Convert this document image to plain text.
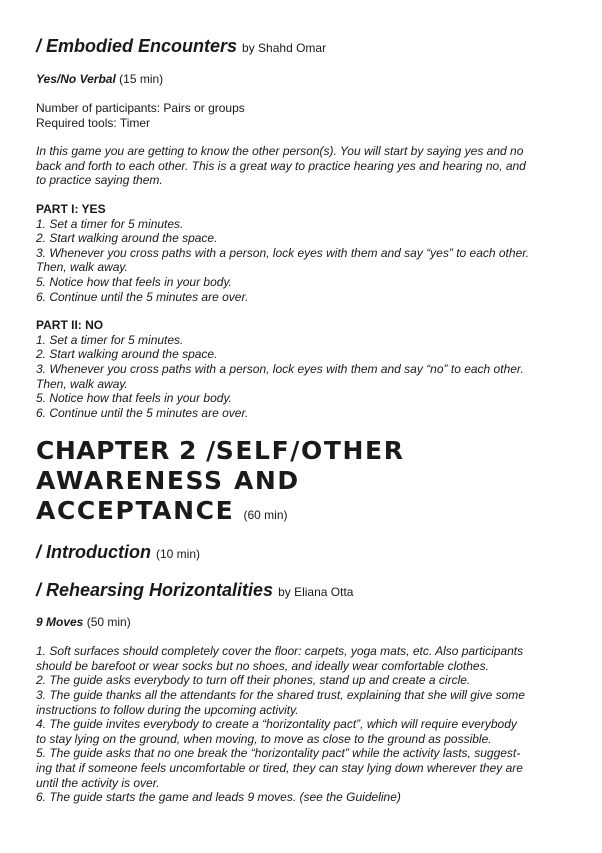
/ Embodied Encounters by Shahd Omar
Yes/No Verbal (15 min)

Number of participants: Pairs or groups

Required tools: Timer

In this game you are getting to know the other person(s). You will start by saying yes and no
back and forth to each other. This is a great way to practice hearing yes and hearing no, and
to practice saying them.
PART I: YES
1. Set a timer for 5 minutes.
2. Start walking around the space.
3. Whenever you cross paths with a person, lock eyes with them and say “yes” to each other.
Then, walk away.
5. Notice how that feels in your body.
6. Continue until the 5 minutes are over.
PART II: NO
1. Set a timer for 5 minutes.
2. Start walking around the space.
3. Whenever you cross paths with a person, lock eyes with them and say “no” to each other.
Then, walk away.
5. Notice how that feels in your body.
6. Continue until the 5 minutes are over.
CHAPTER 2 /SELF/OTHER
AWARENESS AND
ACCEPTANCE (60 min)
/ Introduction (10 min)
/ Rehearsing Horizontalities by Eliana Otta
9 Moves (50 min)
1. Soft surfaces should completely cover the floor: carpets, yoga mats, etc. Also participants
should be barefoot or wear socks but no shoes, and ideally wear comfortable clothes.
2. The guide asks everybody to turn off their phones, stand up and create a circle.
3. The guide thanks all the attendants for the shared trust, explaining that she will give some
instructions to follow during the upcoming activity.
4. The guide invites everybody to create a “horizontality pact”, which will require everybody
to stay lying on the ground, when moving, to move as close to the ground as possible.
5. The guide asks that no one break the “horizontality pact” while the activity lasts, suggest-
ing that if someone feels uncomfortable or tired, they can stay lying down wherever they are
until the activity is over.
6. The guide starts the game and leads 9 moves. (see the Guideline)
